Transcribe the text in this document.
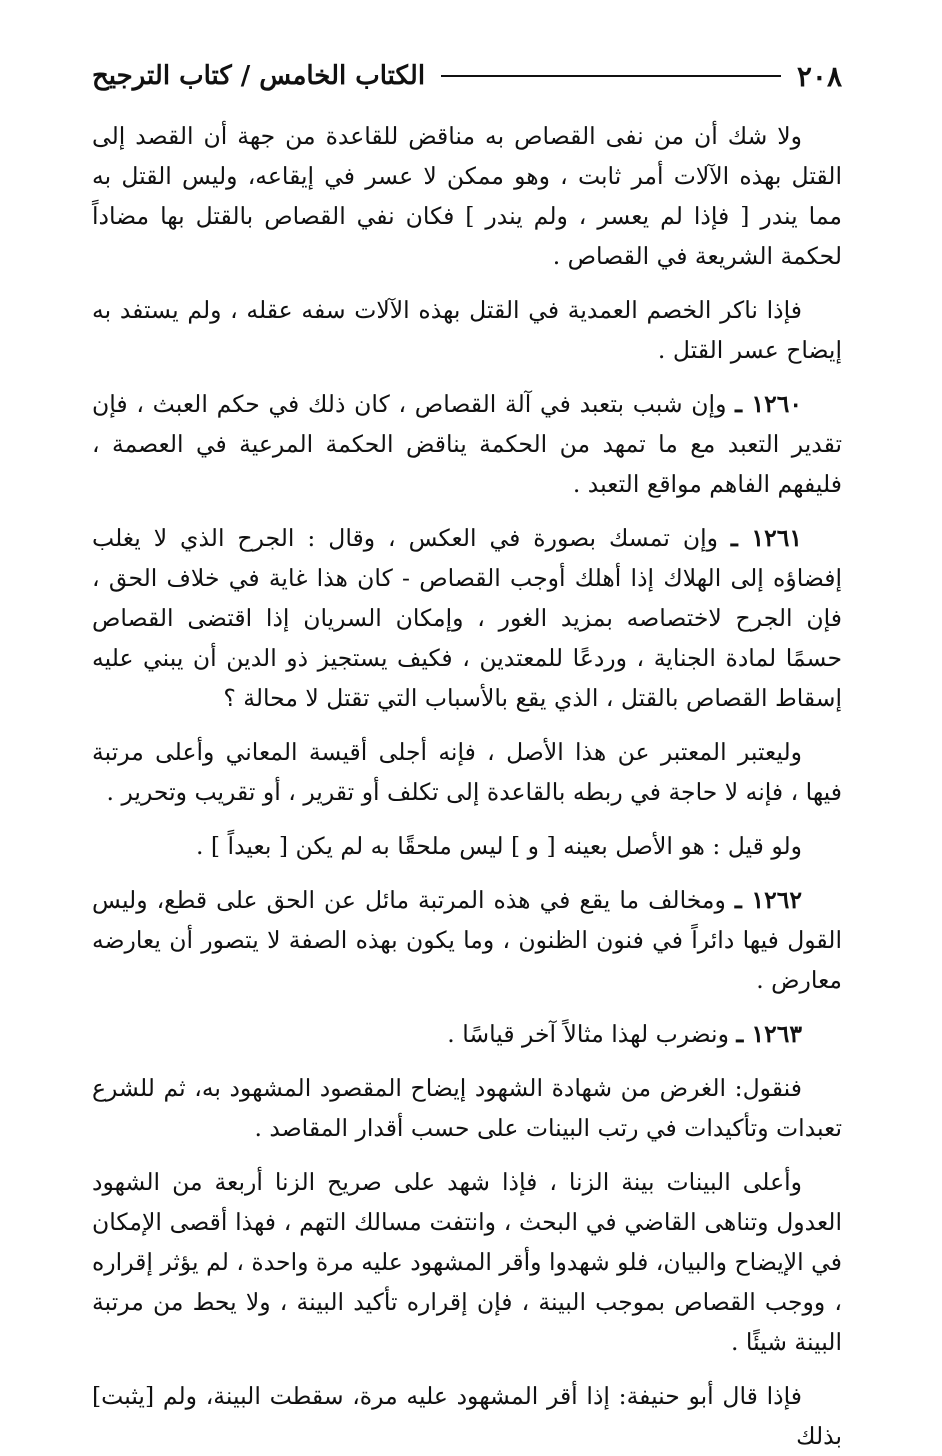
٢٠٨
الكتاب الخامس / كتاب الترجيح

ولا شك أن من نفى القصاص به مناقض للقاعدة من جهة أن القصد إلى القتل بهذه الآلات أمر ثابت ، وهو ممكن لا عسر في إيقاعه، وليس القتل به مما يندر [ فإذا لم يعسر ، ولم يندر ] فكان نفي القصاص بالقتل بها مضاداً لحكمة الشريعة في القصاص .

فإذا ناكر الخصم العمدية في القتل بهذه الآلات سفه عقله ، ولم يستفد به إيضاح عسر القتل .

١٢٦٠ ـ وإن شبب بتعبد في آلة القصاص ، كان ذلك في حكم العبث ، فإن تقدير التعبد مع ما تمهد من الحكمة يناقض الحكمة المرعية في العصمة ، فليفهم الفاهم مواقع التعبد .

١٢٦١ ـ وإن تمسك بصورة في العكس ، وقال : الجرح الذي لا يغلب إفضاؤه إلى الهلاك إذا أهلك أوجب القصاص - كان هذا غاية في خلاف الحق ، فإن الجرح لاختصاصه بمزيد الغور ، وإمكان السريان إذا اقتضى القصاص حسمًا لمادة الجناية ، وردعًا للمعتدين ، فكيف يستجيز ذو الدين أن يبني عليه إسقاط القصاص بالقتل ، الذي يقع بالأسباب التي تقتل لا محالة ؟

وليعتبر المعتبر عن هذا الأصل ، فإنه أجلى أقيسة المعاني وأعلى مرتبة فيها ، فإنه لا حاجة في ربطه بالقاعدة إلى تكلف أو تقرير ، أو تقريب وتحرير .

ولو قيل : هو الأصل بعينه [ و ] ليس ملحقًا به لم يكن [ بعيداً ] .

١٢٦٢ ـ ومخالف ما يقع في هذه المرتبة مائل عن الحق على قطع، وليس القول فيها دائراً في فنون الظنون ، وما يكون بهذه الصفة لا يتصور أن يعارضه معارض .

١٢٦٣ ـ ونضرب لهذا مثالاً آخر قياسًا .

فنقول: الغرض من شهادة الشهود إيضاح المقصود المشهود به، ثم للشرع تعبدات وتأكيدات في رتب البينات على حسب أقدار المقاصد .

وأعلى البينات بينة الزنا ، فإذا شهد على صريح الزنا أربعة من الشهود العدول وتناهى القاضي في البحث ، وانتفت مسالك التهم ، فهذا أقصى الإمكان في الإيضاح والبيان، فلو شهدوا وأقر المشهود عليه مرة واحدة ، لم يؤثر إقراره ، ووجب القصاص بموجب البينة ، فإن إقراره تأكيد البينة ، ولا يحط من مرتبة البينة شيئًا .

فإذا قال أبو حنيفة: إذا أقر المشهود عليه مرة، سقطت البينة، ولم [يثبت] بذلك
